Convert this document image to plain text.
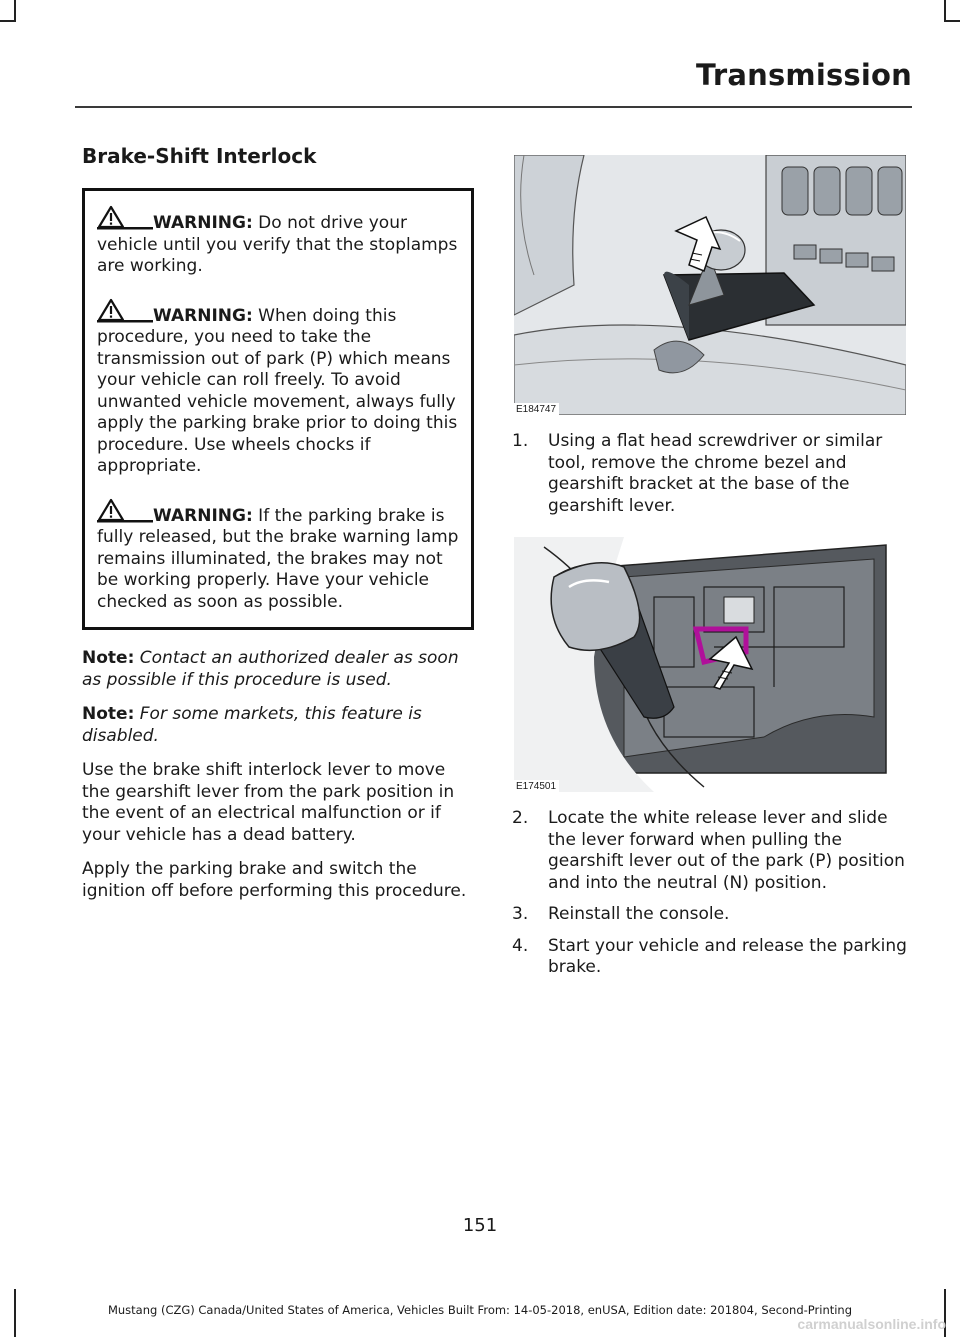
Transmission
Brake-Shift Interlock
WARNING: Do not drive your vehicle until you verify that the stoplamps are working.
WARNING: When doing this procedure, you need to take the transmission out of park (P) which means your vehicle can roll freely. To avoid unwanted vehicle movement, always fully apply the parking brake prior to doing this procedure. Use wheels chocks if appropriate.
WARNING: If the parking brake is fully released, but the brake warning lamp remains illuminated, the brakes may not be working properly. Have your vehicle checked as soon as possible.

Note: Contact an authorized dealer as soon as possible if this procedure is used.

Note: For some markets, this feature is disabled.

Use the brake shift interlock lever to move the gearshift lever from the park position in the event of an electrical malfunction or if your vehicle has a dead battery.

Apply the parking brake and switch the ignition off before performing this procedure.

E184747
1.	Using a flat head screwdriver or similar tool, remove the chrome bezel and gearshift bracket at the base of the gearshift lever.
E174501
2.	Locate the white release lever and slide the lever forward when pulling the gearshift lever out of the park (P) position and into the neutral (N) position.
3.	Reinstall the console.
4.	Start your vehicle and release the parking brake.
151
Mustang (CZG) Canada/United States of America, Vehicles Built From: 14-05-2018, enUSA, Edition date: 201804, Second-Printing
carmanualsonline.info
